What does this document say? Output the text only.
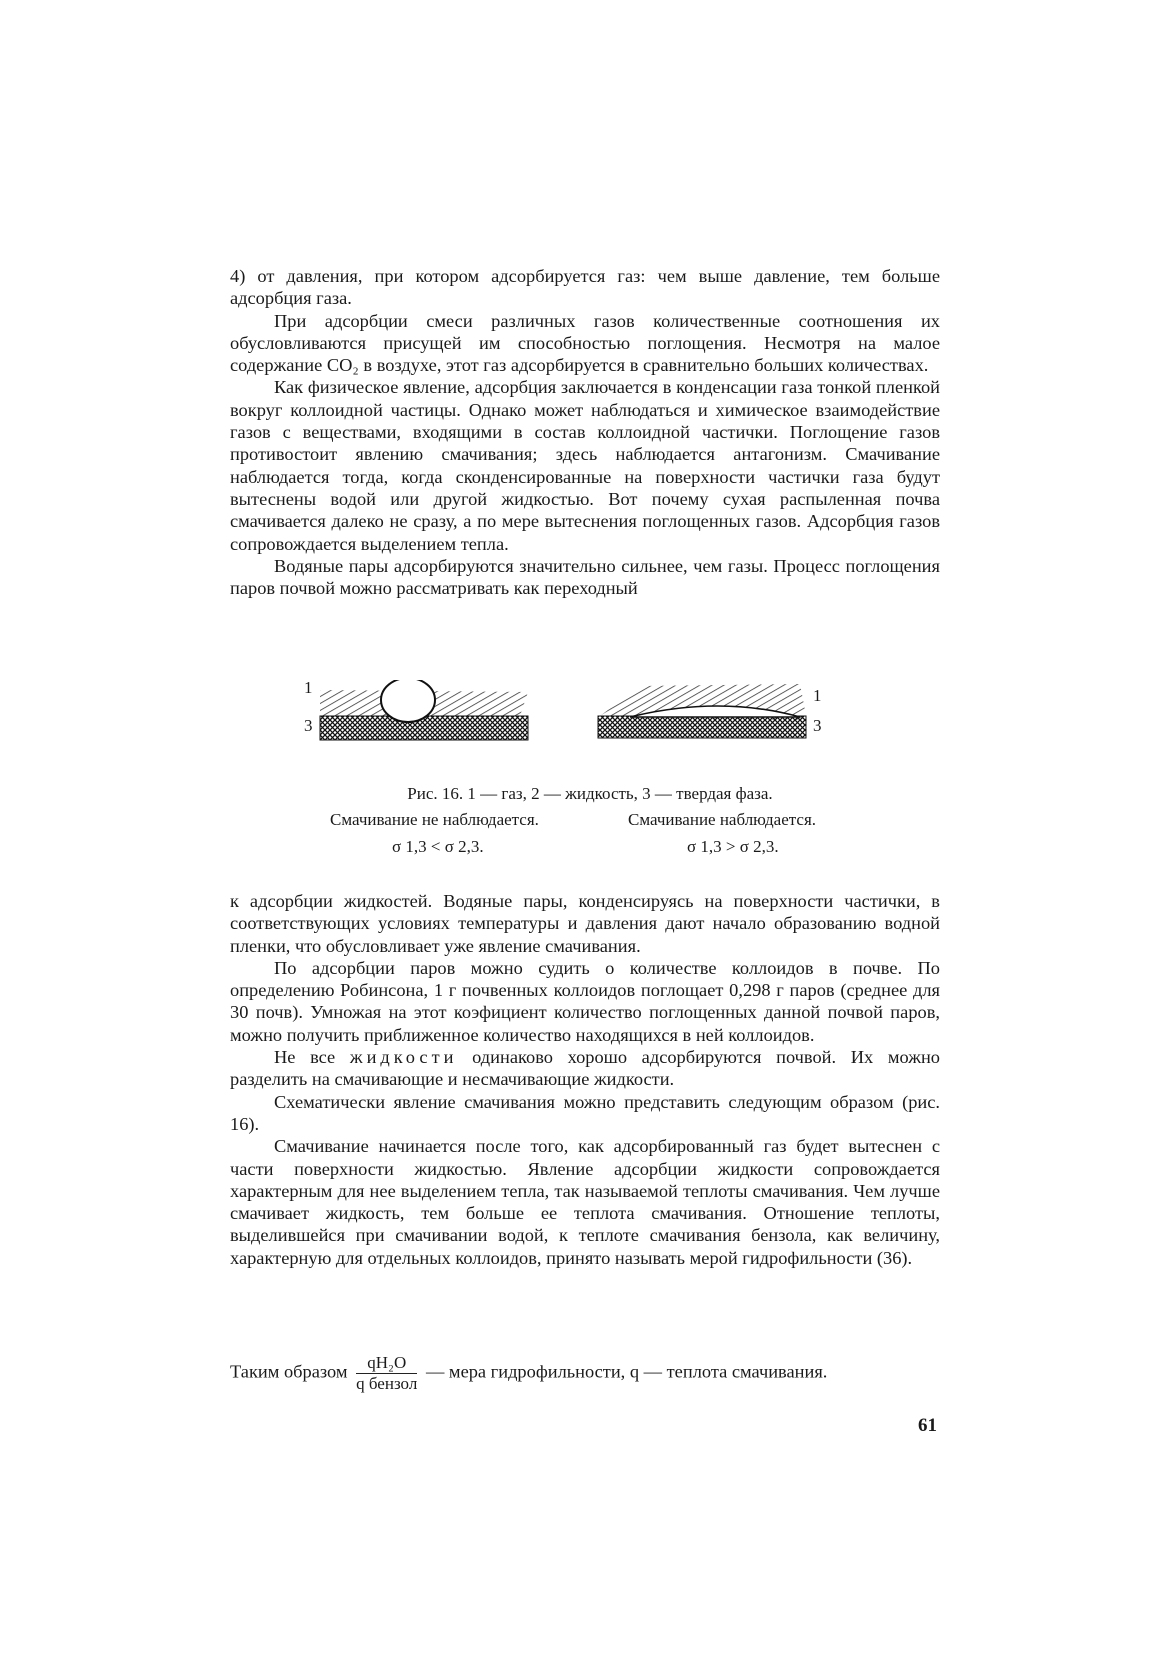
4) от давления, при котором адсорбируется газ: чем выше давление, тем больше адсорбция газа.

При адсорбции смеси различных газов количественные соотношения их обусловливаются присущей им способностью поглощения. Несмотря на малое содержание CO₂ в воздухе, этот газ адсорбируется в сравнительно больших количествах.

Как физическое явление, адсорбция заключается в конденсации газа тонкой пленкой вокруг коллоидной частицы. Однако может наблюдаться и химическое взаимодействие газов с веществами, входящими в состав коллоидной частички. Поглощение газов противостоит явлению смачивания; здесь наблюдается антагонизм. Смачивание наблюдается тогда, когда сконденсированные на поверхности частички газа будут вытеснены водой или другой жидкостью. Вот почему сухая распыленная почва смачивается далеко не сразу, а по мере вытеснения поглощенных газов. Адсорбция газов сопровождается выделением тепла.

Водяные пары адсорбируются значительно сильнее, чем газы. Процесс поглощения паров почвой можно рассматривать как переходный

1
3
1
3
Рис. 16. 1 — газ, 2 — жидкость, 3 — твердая фаза.
Смачивание не наблюдается.	Смачивание наблюдается.
σ 1,3 < σ 2,3.	σ 1,3 > σ 2,3.

к адсорбции жидкостей. Водяные пары, конденсируясь на поверхности частички, в соответствующих условиях температуры и давления дают начало образованию водной пленки, что обусловливает уже явление смачивания.

По адсорбции паров можно судить о количестве коллоидов в почве. По определению Робинсона, 1 г почвенных коллоидов поглощает 0,298 г паров (среднее для 30 почв). Умножая на этот коэфициент количество поглощенных данной почвой паров, можно получить приближенное количество находящихся в ней коллоидов.

Не все жидкости одинаково хорошо адсорбируются почвой. Их можно разделить на смачивающие и несмачивающие жидкости.

Схематически явление смачивания можно представить следующим образом (рис. 16).

Смачивание начинается после того, как адсорбированный газ будет вытеснен с части поверхности жидкостью. Явление адсорбции жидкости сопровождается характерным для нее выделением тепла, так называемой теплоты смачивания. Чем лучше смачивает жидкость, тем больше ее теплота смачивания. Отношение теплоты, выделившейся при смачивании водой, к теплоте смачивания бензола, как величину, характерную для отдельных коллоидов, принято называть мерой гидрофильности (36).

Таким образом $\frac{\text{qH₂O}}{\text{q бензол}}$ — мера гидрофильности, q — теплота смачивания.
61
